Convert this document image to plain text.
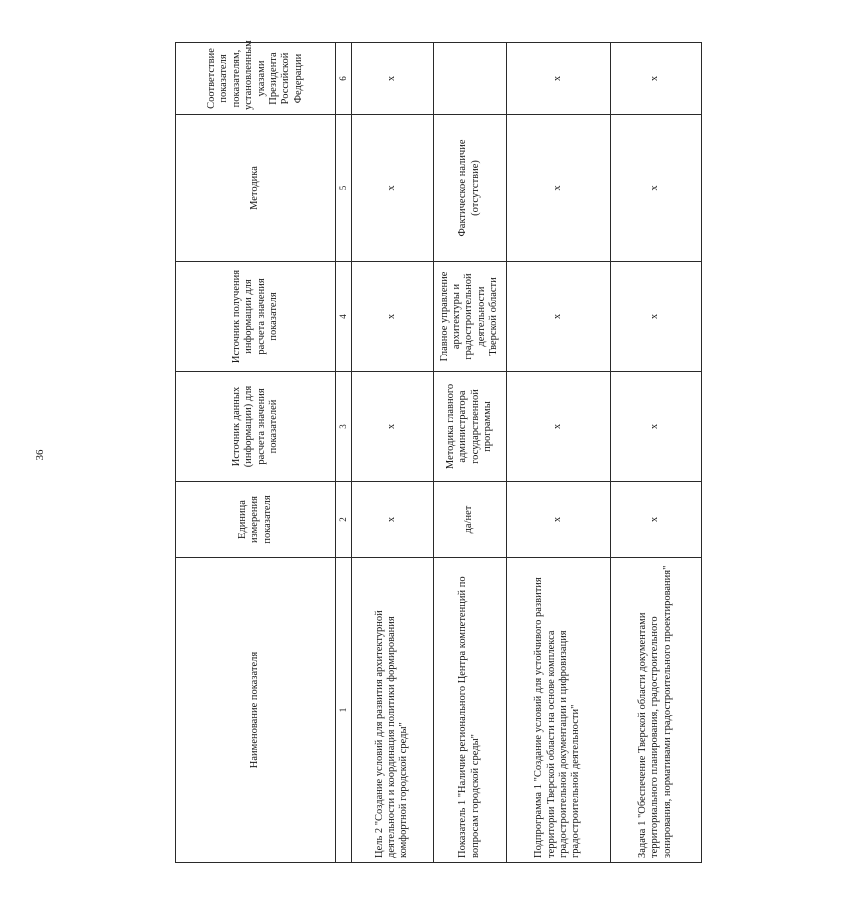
36
Наименование показателя	Единица измерения показателя	Источник данных (информации) для расчета значения показателей	Источник получения информации для расчета значения показателя	Методика	Соответствие показателя показателям, установленным указами Президента Российской Федерации
1	2	3	4	5	6
Цель 2 "Создание условий для развития архитектурной деятельности и координация политики формирования комфортной городской среды"	x	x	x	x	x
Показатель 1 "Наличие регионального Центра компетенций по вопросам городской среды"	да/нет	Методика главного администратора государственной программы	Главное управление архитектуры и градостроительной деятельности Тверской области	Фактическое наличие (отсутствие)	
Подпрограмма 1 "Создание условий для устойчивого развития территории Тверской области на основе комплекса градостроительной документации и цифровизация градостроительной деятельности"	x	x	x	x	x
Задача 1 "Обеспечение Тверской области документами территориального планирования, градостроительного зонирования, нормативами градостроительного проектирования"	x	x	x	x	x
